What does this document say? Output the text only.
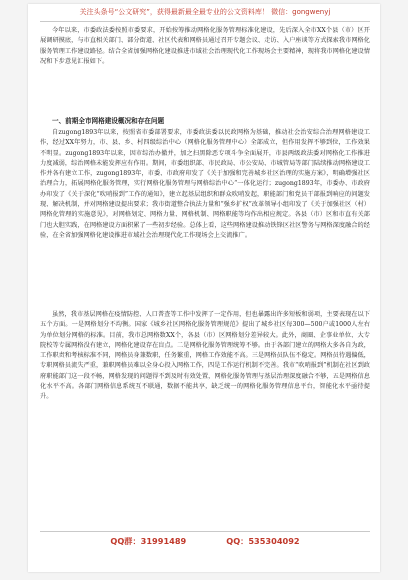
关注头条号“公文研究”，获得最新最全最专业的公文资料库！ 微信：gongwenyj

今年以来，市委政法委按照市委要求，开始按筹推动网格化服务管理标准化建设，先后深入全市XX个县（市）区开展调研摸底，与市直相关部门、部分街道、社区代表和网格员通过召开专题会议、走访、入户座谈等方式探索我市网格化服务管理工作建设路径。结合全省加强网格化建设推进市域社会治理现代化工作现场会主要精神，现将我市网格化建设情况和下步意见汇报如下。

一、前期全市网格建设概况和存在问题

自zugong1893年以来，按照省市委部署要求，市委政法委以民政网格为基础，推动社会治安综合治理网格建设工作，经过XX年努力，市、县、乡、村四级综治中心（网格化服务管理中心）全部成立，但作用发挥不够到位，工作效果不明显。zugong1893年以来，因市综治办撤并，加之扫黑除恶专项斗争全面展开，市县两级政法委对网格化工作推进力度减弱，综治网格未能发挥应有作用。期间，市委组织部、市民政局、市公安局、市城管局等部门陆续推动网格建设工作并各有建立工作，zugong1893年，市委、市政府印发了《关于加强和完善城乡社区治理的实施方案》，明确增强社区治理合力，拓展网格化服务管理，实行网格化服务管理与网格综治中心“一体化运行；zugong1893年，市委办、市政府办印发了《关于深化“吹哨报到”工作的通知》，建立起基层组织和群众吹哨发起，职能部门和党员干部报到响应的问题发现、解决机制，并对网格建设提出要求；我市街道整合执法力量和“强乡扩权”改革领导小组印发了《关于加强社区（村）网格化管理的实施意见》，对网格划定、网格力量、网格机制、网格职能等均作出相应规定。各县（市）区和市直有关部门也大胆实践，在网格建设方面积累了一些初步经验。总体上看，这些网格建设推动铁锋区社区警务与网格深度融合的经验，在全省加强网格化建设推进市域社会治理现代化工作现场会上交流推广。

虽然，我市基层网格在疫情防控、人口普查等工作中发挥了一定作用，但也暴露出许多短板和弱项，主要表现在以下五个方面。一是网格划分不均衡。国家《城乡社区网格化服务管理规范》提出了城乡社区每300—500户或1000人左右为单位划分网格的标准。目前，我市总网格数XX个，各县（市）区网格划分差异较大。此外，商圈、企事业单位、大专院校等专属网格没有建立，网格化建设存在盲点。二是网格化服务管理统筹不够。由于各部门建立的网格大多各自为政，工作职责和考核标准不同，网格员身兼数职，任务繁重，网格工作效能不高。三是网格员队伍不稳定。网格员待遇偏低，专职网格员流失严重，兼职网格员难以全身心投入网格工作，四是工作运行机制不完善。我市“吹哨报到”机制在社区到政府职能部门这一段不畅，网格发现的问题得不到及时有效处置，网格化服务管理与基层治理深度融合不够，五是网格信息化水平不高。各部门网格信息系统互不联通，数据不能共享，缺乏统一的网格化服务管理信息平台，智能化水平亟待提升。

QQ群：31991489	QQ：535304092
